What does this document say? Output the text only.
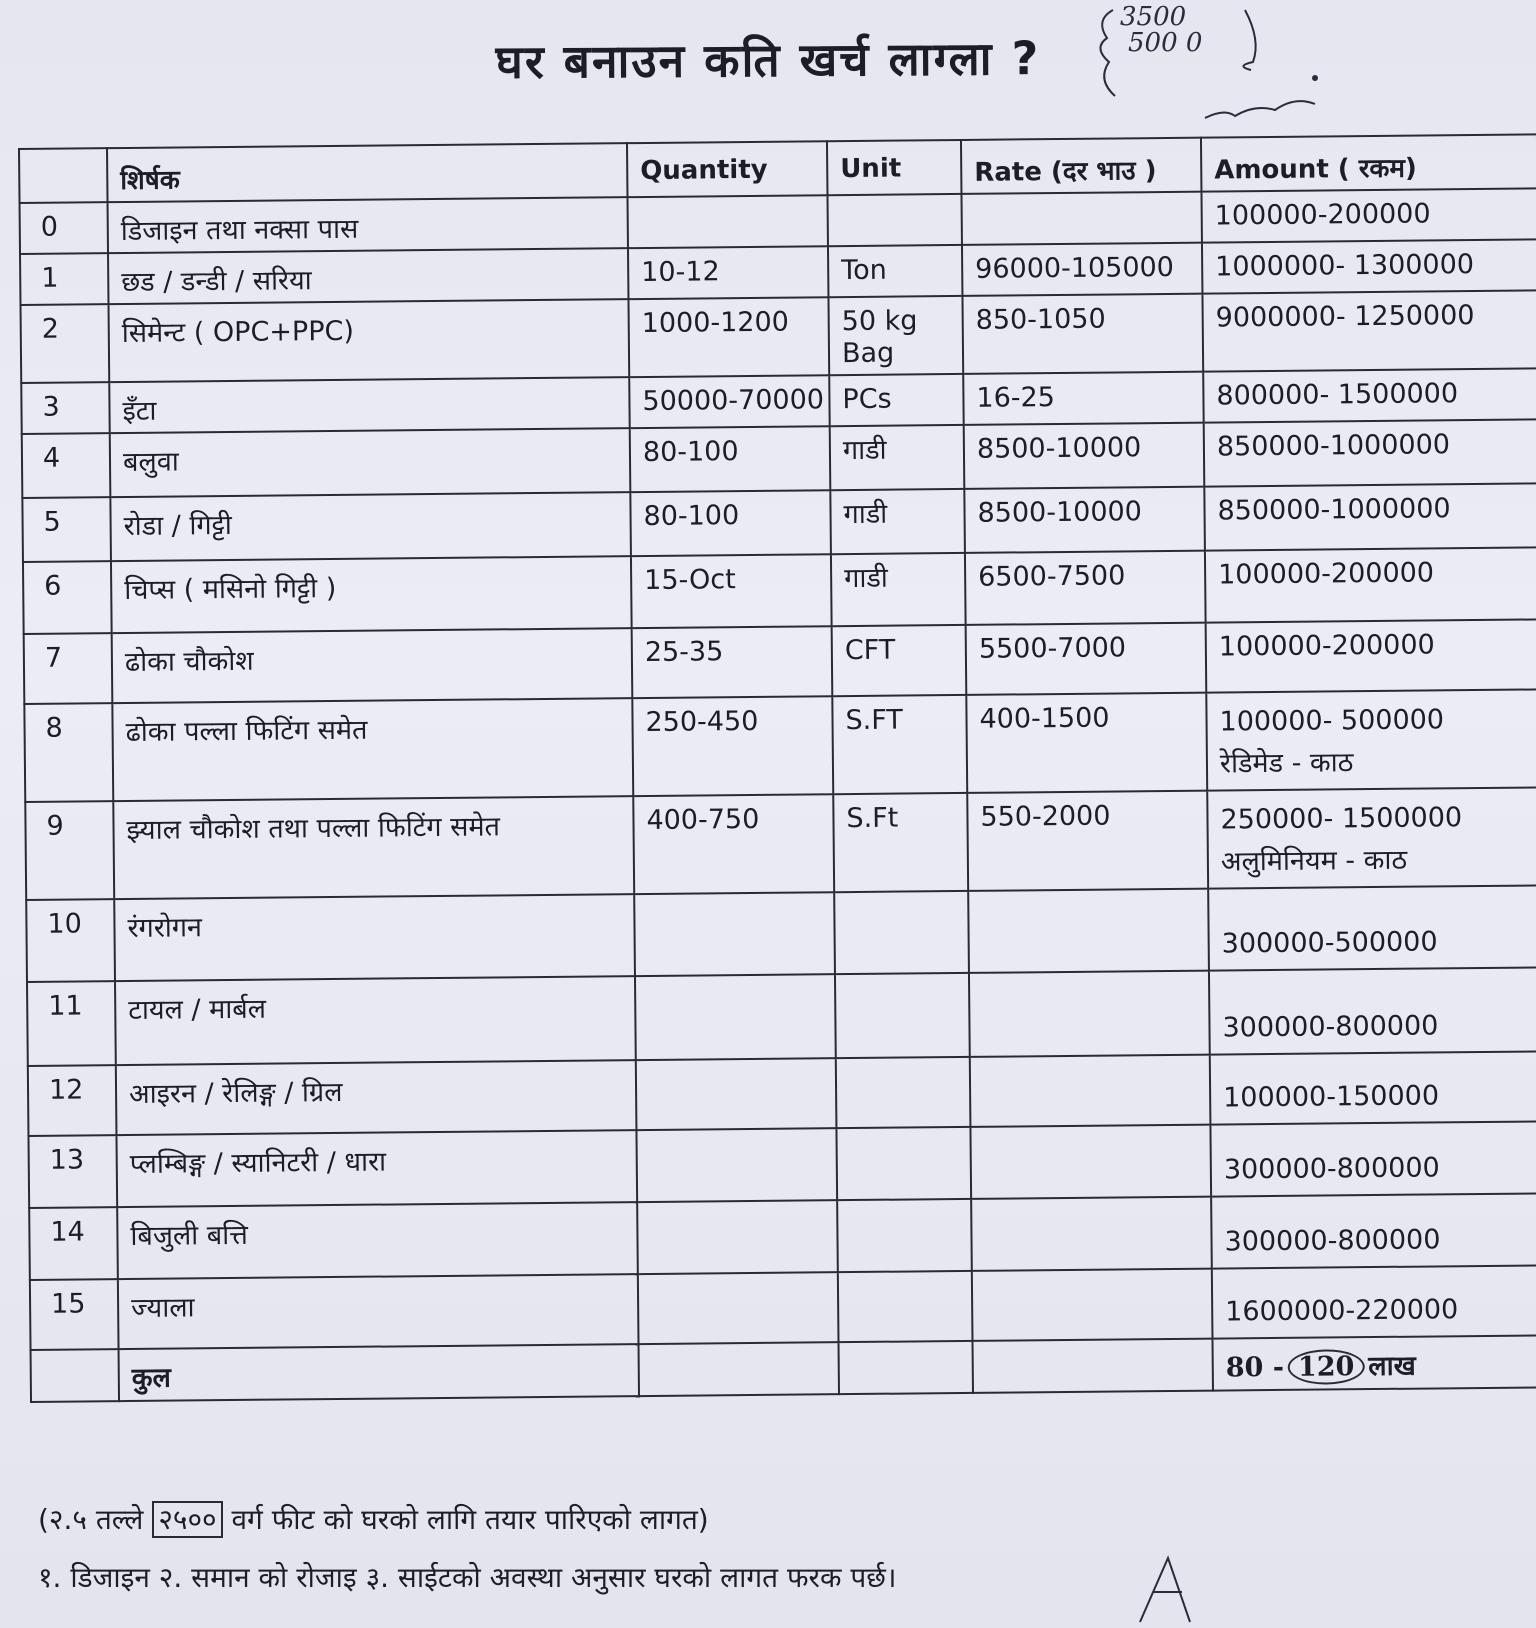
घर बनाउन कति खर्च लाग्ला ?
3500
500 0
	शिर्षक	Quantity	Unit	Rate (दर भाउ )	Amount ( रकम)
0	डिजाइन तथा नक्सा पास				100000-200000

1	छड / डन्डी / सरिया	10-12	Ton	96000-105000	1000000- 1300000

2	सिमेन्ट ( OPC+PPC)	1000-1200	50 kg Bag	850-1050	9000000- 1250000

3	इँटा	50000-70000	PCs	16-25	800000- 1500000

4	बलुवा	80-100	गाडी	8500-10000	850000-1000000

5	रोडा / गिट्टी	80-100	गाडी	8500-10000	850000-1000000

6	चिप्स ( मसिनो गिट्टी )	15-Oct	गाडी	6500-7500	100000-200000

7	ढोका चौकोश	25-35	CFT	5500-7000	100000-200000

8	ढोका पल्ला फिटिंग समेत	250-450	S.FT	400-1500	100000- 500000
रेडिमेड - काठ

9	झ्याल चौकोश तथा पल्ला फिटिंग समेत	400-750	S.Ft	550-2000	250000- 1500000
अलुमिनियम - काठ

10	रंगरोगन				300000-500000

11	टायल / मार्बल				300000-800000

12	आइरन / रेलिङ्ग / ग्रिल				100000-150000

13	प्लम्बिङ्ग / स्यानिटरी / धारा				300000-800000

14	बिजुली बत्ति				300000-800000

15	ज्याला				1600000-220000

	कुल				80 - 120 लाख
(२.५ तल्ले २५०० वर्ग फीट को घरको लागि तयार पारिएको लागत)
१. डिजाइन २. समान को रोजाइ ३. साईटको अवस्था अनुसार घरको लागत फरक पर्छ।
